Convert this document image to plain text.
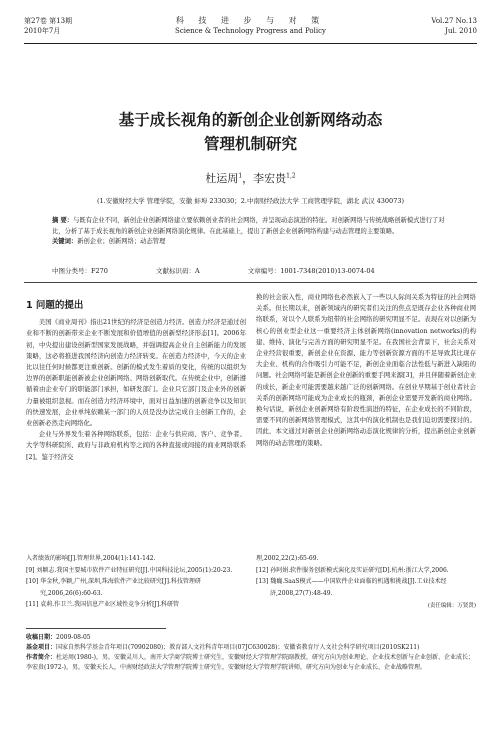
第27卷 第13期
2010年7月
科 技 进 步 与 对 策
Science & Technology Progress and Policy
Vol.27 No.13
Jul. 2010
基于成长视角的新创企业创新网络动态
管理机制研究
杜运周$^1$，李宏贵$^{1,2}$
(1.安徽财经大学 管理学院，安徽 蚌埠 233030；2.中南财经政法大学 工商管理学院，湖北 武汉 430073)
摘 要：与既有企业不同，新创企业创新网络建立要依赖创业者的社会网络，并呈现动态演进的特征。对创新网络与传统战略创新模式进行了对比，分析了基于成长视角的新创企业创新网络演化规律。在此基础上，提出了新创企业创新网络构建与动态管理的主要策略。
关键词：新创企业；创新网络；动态管理
中图分类号：F270	文献标识码：A	文章编号：1001-7348(2010)13-0074-04
1 问题的提出
美国《商业周刊》指出21世纪的经济是创造力经济。创造力经济是通过创业和不断的创新带来企业不断发展和价值增值的创新型经济形态[1]。2006年初，中央提出建设创新型国家发展战略，并强调提高企业自主创新能力的发展策略，这必将推进我国经济向创造力经济转变。在创造力经济中，今天的企业比以往任何时候都更注重创新。创新的模式发生着质的变化，传统的以组织为边界的创新职能创新被企业创新网络、网络创新取代。在传统企业中，创新遵循着由企业专门的职能部门承担，如研发部门。企业只它部门及企业外的创新力量被组织忽视。而在创造力经济环境中，面对日益加速的创新竞争以及知识的快速发展，企业单纯依赖某一部门的人员是没办法完成自主创新工作的，企业创新必然走向网络化。
企业与外界发生着各种网络联系，包括：企业与供应商、客户、竞争者、大学等科研院所、政府与非政府机构等之间的各种直接或间接的商业网络联系[2]。鉴于经济交
换的社会嵌入性，商业网络也必然嵌入了一些以人际间关系为特征的社会网络关系。但长期以来，创新领域内的研究者们关注的焦点是既存企业各种商业网络联系，对以个人联系为纽带的社会网络的研究明显不足。表现在对以创新为核心的创业型企业这一重要经济主体创新网络(innovation networks)的构建、维持、演化与完善方面的研究明显不足。在我国社会背景下，社会关系对企业经营很重要，新创企业在资源、能力等创新资源方面的不足导致其比现存大企业、机构的合作吸引力可能不足，新创企业面临合法性低与新进入缺陷的问题。社会网络可能是新创企业创新的重要手网来源[3]，并且伴随着新创企业的成长，新企业可能需要越来越广泛的创新网络。在创业早期基于创业者社会关系的创新网络可能成为企业成长的瓶颈，新创企业需要开发新的商业网络。换句话说，新创企业创新网络有阶段性演进的特征，在企业成长的不同阶段，需要不同的创新网络管理模式，这其中的演化机制也是我们迫切需要探讨的。因此，本文通过对新创企业创新网络动态演化规律的分析，提出新创企业创新网络的动态管理的策略。
入者绩效的影响[J].管理世界,2004(1):141-142.
[9] 刘颖志.我国主要城市软件产业特征研究[J].中国科技论坛,2005(1):20-23.
[10] 华金秋,李颖,广州,深圳,珠海软件产业比较研究[J].科技管理研究,2006,26(6):60-63.
[11] 袁莉.作卫兰.我国信息产业区域性竞争分析[J].科研管
理,2002,22(2):65-69.
[12] 孙阿娟.软件服务创新模式演化及实证研究[D].杭州:浙江大学,2006.
[13] 魏巍.SaaS模式——中国软件企业面临的机遇和挑战[J].工业技术经济,2008,27(7):48-49.
(责任编辑：万贤贤)
收稿日期：2009-08-05
基金项目：国家自然科学基金青年项目(70902080)；教育部人文社科青年项目(07JC630028)；安徽省教育厅人文社会科学研究项目(2010SK211)
作者简介：杜运周(1980-)，男，安徽灵川人，南开大学商学院博士研究生，安徽财经大学管理学院副教授，研究方向为创业理论、企业技术创新与企业创新、企业成长；李宏贵(1972-)，男，安徽天长人，中南财经政法大学管理学院博士研究生，安徽财经大学管理学院讲师，研究方向为创业与企业成长、企业战略管理。
